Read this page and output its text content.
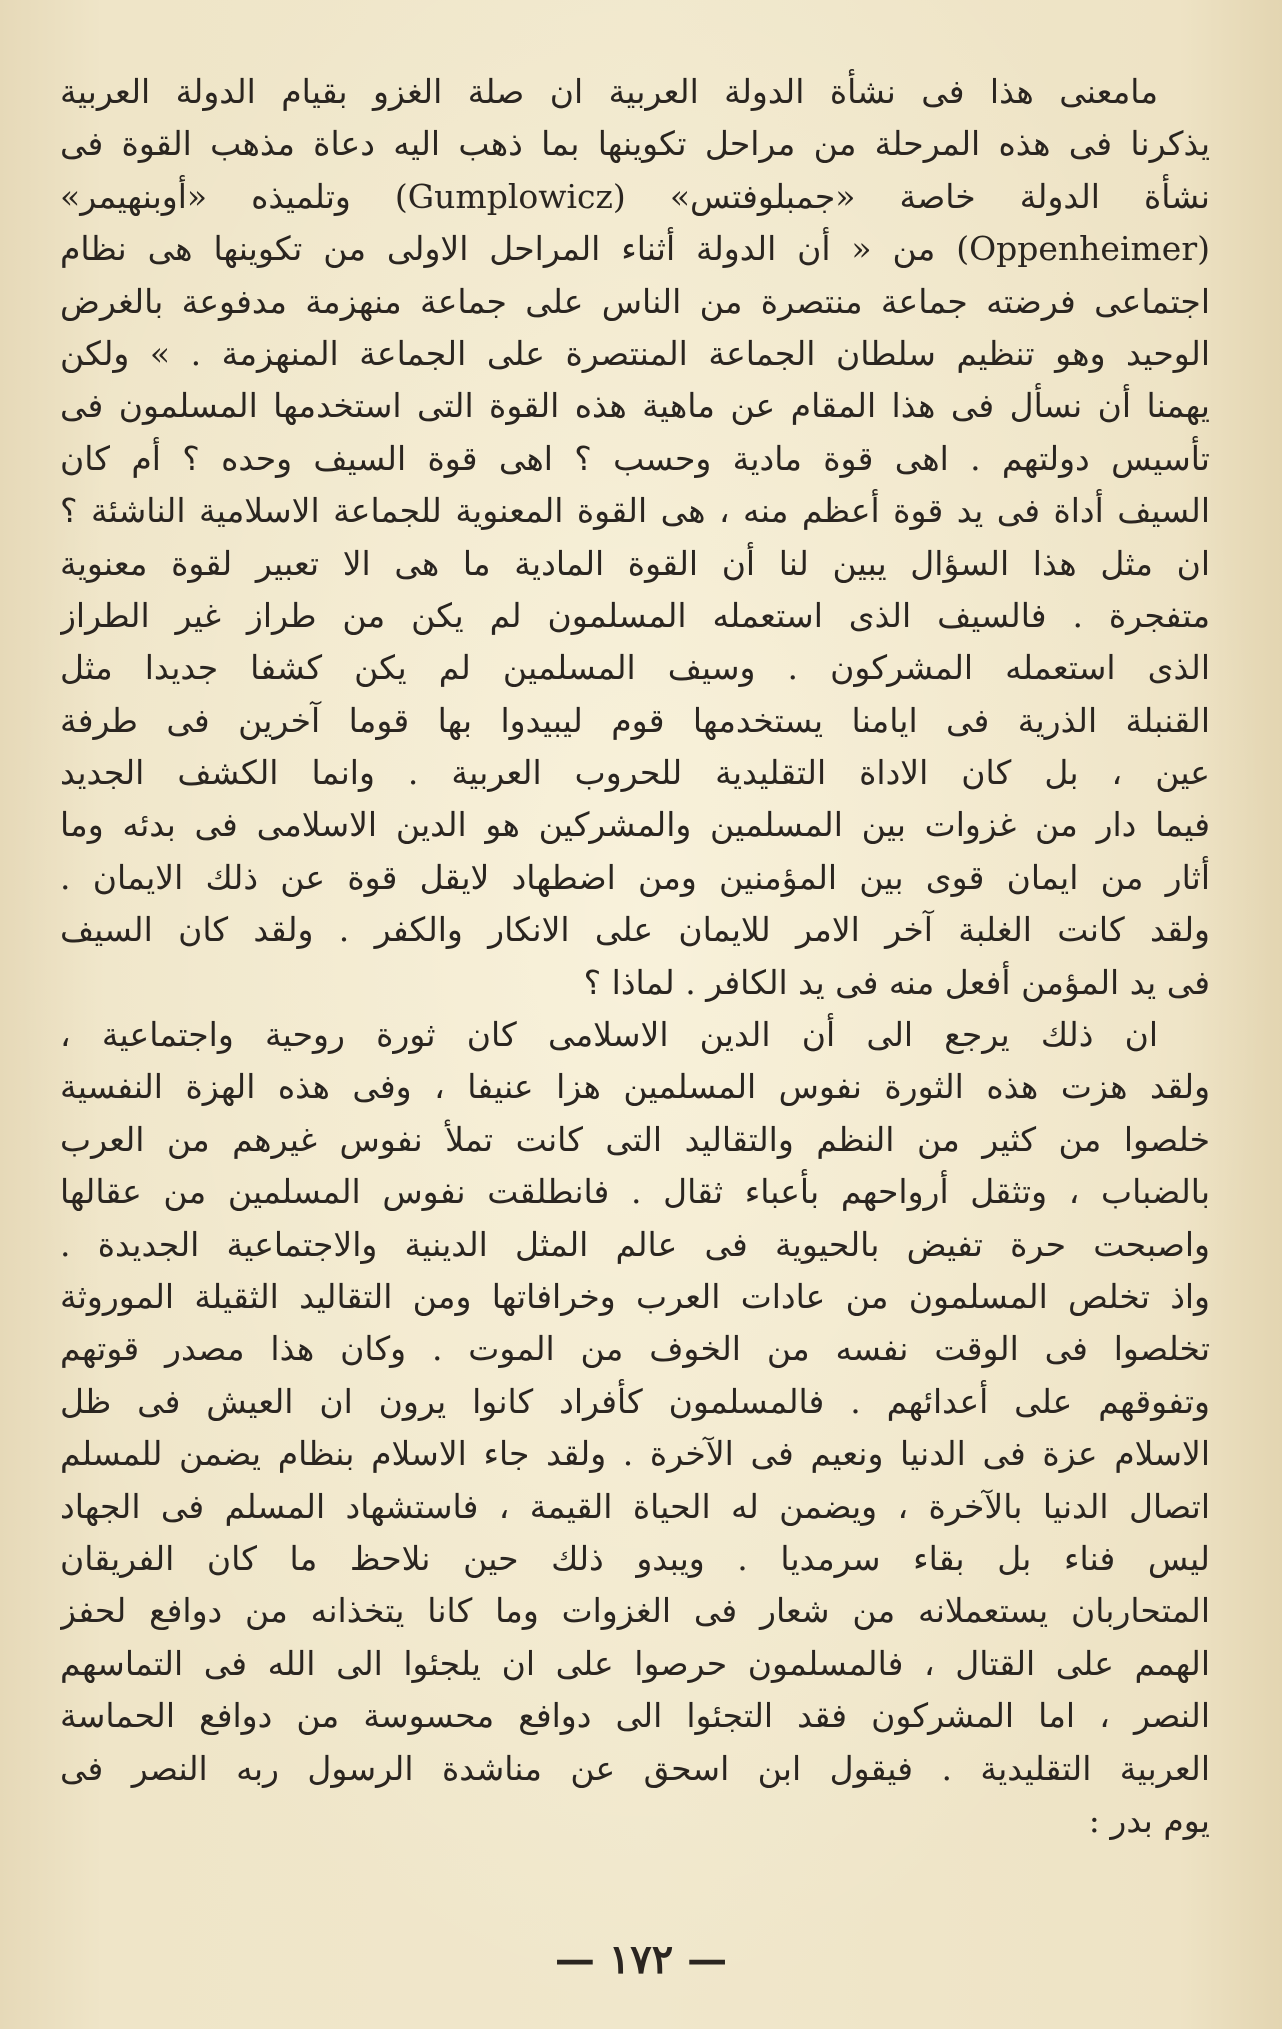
مامعنى هذا فى نشأة الدولة العربية ان صلة الغزو بقيام الدولة العربية
يذكرنا فى هذه المرحلة من مراحل تكوينها بما ذهب اليه دعاة مذهب القوة فى
نشأة الدولة خاصة «جمبلوفتس» (Gumplowicz) وتلميذه «أوبنهيمر»
(Oppenheimer) من « أن الدولة أثناء المراحل الاولى من تكوينها هى نظام
اجتماعى فرضته جماعة منتصرة من الناس على جماعة منهزمة مدفوعة بالغرض
الوحيد وهو تنظيم سلطان الجماعة المنتصرة على الجماعة المنهزمة . » ولكن
يهمنا أن نسأل فى هذا المقام عن ماهية هذه القوة التى استخدمها المسلمون فى
تأسيس دولتهم . اهى قوة مادية وحسب ؟ اهى قوة السيف وحده ؟ أم كان
السيف أداة فى يد قوة أعظم منه ، هى القوة المعنوية للجماعة الاسلامية الناشئة ؟
ان مثل هذا السؤال يبين لنا أن القوة المادية ما هى الا تعبير لقوة معنوية
متفجرة . فالسيف الذى استعمله المسلمون لم يكن من طراز غير الطراز
الذى استعمله المشركون . وسيف المسلمين لم يكن كشفا جديدا مثل
القنبلة الذرية فى ايامنا يستخدمها قوم ليبيدوا بها قوما آخرين فى طرفة
عين ، بل كان الاداة التقليدية للحروب العربية . وانما الكشف الجديد
فيما دار من غزوات بين المسلمين والمشركين هو الدين الاسلامى فى بدئه وما
أثار من ايمان قوى بين المؤمنين ومن اضطهاد لايقل قوة عن ذلك الايمان .
ولقد كانت الغلبة آخر الامر للايمان على الانكار والكفر . ولقد كان السيف
فى يد المؤمن أفعل منه فى يد الكافر . لماذا ؟
ان ذلك يرجع الى أن الدين الاسلامى كان ثورة روحية واجتماعية ،
ولقد هزت هذه الثورة نفوس المسلمين هزا عنيفا ، وفى هذه الهزة النفسية
خلصوا من كثير من النظم والتقاليد التى كانت تملأ نفوس غيرهم من العرب
بالضباب ، وتثقل أرواحهم بأعباء ثقال . فانطلقت نفوس المسلمين من عقالها
واصبحت حرة تفيض بالحيوية فى عالم المثل الدينية والاجتماعية الجديدة .
واذ تخلص المسلمون من عادات العرب وخرافاتها ومن التقاليد الثقيلة الموروثة
تخلصوا فى الوقت نفسه من الخوف من الموت . وكان هذا مصدر قوتهم
وتفوقهم على أعدائهم . فالمسلمون كأفراد كانوا يرون ان العيش فى ظل
الاسلام عزة فى الدنيا ونعيم فى الآخرة . ولقد جاء الاسلام بنظام يضمن للمسلم
اتصال الدنيا بالآخرة ، ويضمن له الحياة القيمة ، فاستشهاد المسلم فى الجهاد
ليس فناء بل بقاء سرمديا . ويبدو ذلك حين نلاحظ ما كان الفريقان
المتحاربان يستعملانه من شعار فى الغزوات وما كانا يتخذانه من دوافع لحفز
الهمم على القتال ، فالمسلمون حرصوا على ان يلجئوا الى الله فى التماسهم
النصر ، اما المشركون فقد التجئوا الى دوافع محسوسة من دوافع الحماسة
العربية التقليدية . فيقول ابن اسحق عن مناشدة الرسول ربه النصر فى
يوم بدر :
— ١٧٢ —
